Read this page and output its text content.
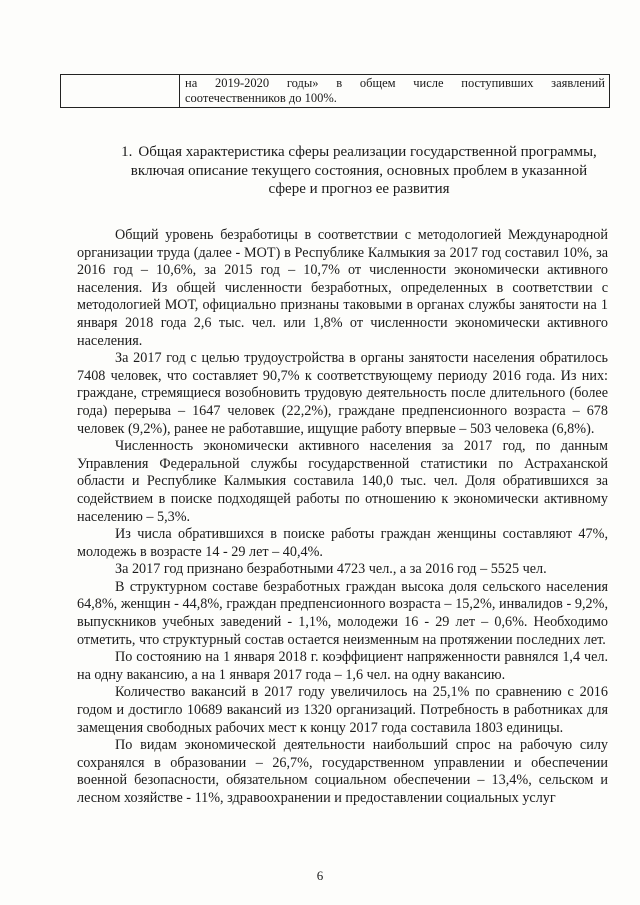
на 2019-2020 годы» в общем числе поступивших заявлений
соотечественников до 100%.
1. Общая характеристика сферы реализации государственной программы, включая описание текущего состояния, основных проблем в указанной сфере и прогноз ее развития

Общий уровень безработицы в соответствии с методологией Международной организации труда (далее - МОТ) в Республике Калмыкия за 2017 год составил 10%, за 2016 год – 10,6%, за 2015 год – 10,7% от численности экономически активного населения. Из общей численности безработных, определенных в соответствии с методологией МОТ, официально признаны таковыми в органах службы занятости на 1 января 2018 года 2,6 тыс. чел. или 1,8% от численности экономически активного населения.

За 2017 год с целью трудоустройства в органы занятости населения обратилось 7408 человек, что составляет 90,7% к соответствующему периоду 2016 года. Из них: граждане, стремящиеся возобновить трудовую деятельность после длительного (более года) перерыва – 1647 человек (22,2%), граждане предпенсионного возраста – 678 человек (9,2%), ранее не работавшие, ищущие работу впервые – 503 человека (6,8%).

Численность экономически активного населения за 2017 год, по данным Управления Федеральной службы государственной статистики по Астраханской области и Республике Калмыкия составила 140,0 тыс. чел. Доля обратившихся за содействием в поиске подходящей работы по отношению к экономически активному населению – 5,3%.

Из числа обратившихся в поиске работы граждан женщины составляют 47%, молодежь в возрасте 14 - 29 лет – 40,4%.

За 2017 год признано безработными 4723 чел., а за 2016 год – 5525 чел.

В структурном составе безработных граждан высока доля сельского населения 64,8%, женщин - 44,8%, граждан предпенсионного возраста – 15,2%, инвалидов - 9,2%, выпускников учебных заведений - 1,1%, молодежи 16 - 29 лет – 0,6%. Необходимо отметить, что структурный состав остается неизменным на протяжении последних лет.

По состоянию на 1 января 2018 г. коэффициент напряженности равнялся 1,4 чел. на одну вакансию, а на 1 января 2017 года – 1,6 чел. на одну вакансию.

Количество вакансий в 2017 году увеличилось на 25,1% по сравнению с 2016 годом и достигло 10689 вакансий из 1320 организаций. Потребность в работниках для замещения свободных рабочих мест к концу 2017 года составила 1803 единицы.

По видам экономической деятельности наибольший спрос на рабочую силу сохранялся в образовании – 26,7%, государственном управлении и обеспечении военной безопасности, обязательном социальном обеспечении – 13,4%, сельском и лесном хозяйстве - 11%, здравоохранении и предоставлении социальных услуг

6
